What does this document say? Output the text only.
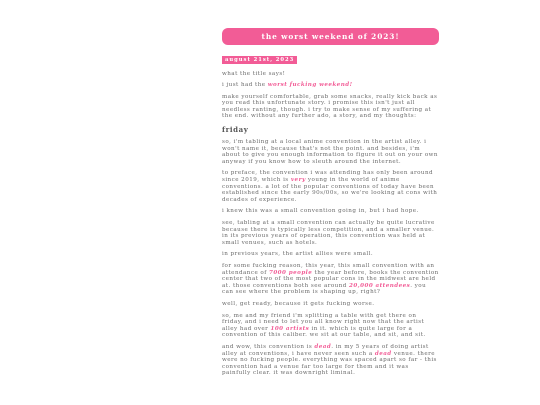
the worst weekend of 2023!
august 21st, 2023

what the title says!

i just had the worst fucking weekend!

make yourself comfortable, grab some snacks, really kick back as you read this unfortunate story. i promise this isn't just all needless ranting, though. i try to make sense of my suffering at the end. without any further ado, a story, and my thoughts:

friday

so, i'm tabling at a local anime convention in the artist alley. i won't name it, because that's not the point. and besides, i'm about to give you enough information to figure it out on your own anyway if you know how to sleuth around the internet.

to preface, the convention i was attending has only been around since 2019, which is very young in the world of anime conventions. a lot of the popular conventions of today have been established since the early 90s/00s, so we're looking at cons with decades of experience.

i knew this was a small convention going in, but i had hope.

see, tabling at a small convention can actually be quite lucrative because there is typically less competition, and a smaller venue. in its previous years of operation, this convention was held at small venues, such as hotels.

in previous years, the artist allies were small.

for some fucking reason, this year, this small convention with an attendance of 7000 people the year before, books the convention center that two of the most popular cons in the midwest are held at. those conventions both see around 20,000 attendees. you can see where the problem is shaping up, right?

well, get ready, because it gets fucking worse.

so, me and my friend i'm splitting a table with get there on friday, and i need to let you all know right now that the artist alley had over 100 artists in it. which is quite large for a convention of this caliber. we sit at our table, and sit, and sit.

and wow, this convention is dead. in my 5 years of doing artist alley at conventions, i have never seen such a dead venue. there were no fucking people. everything was spaced apart so far - this convention had a venue far too large for them and it was painfully clear. it was downright liminal.
